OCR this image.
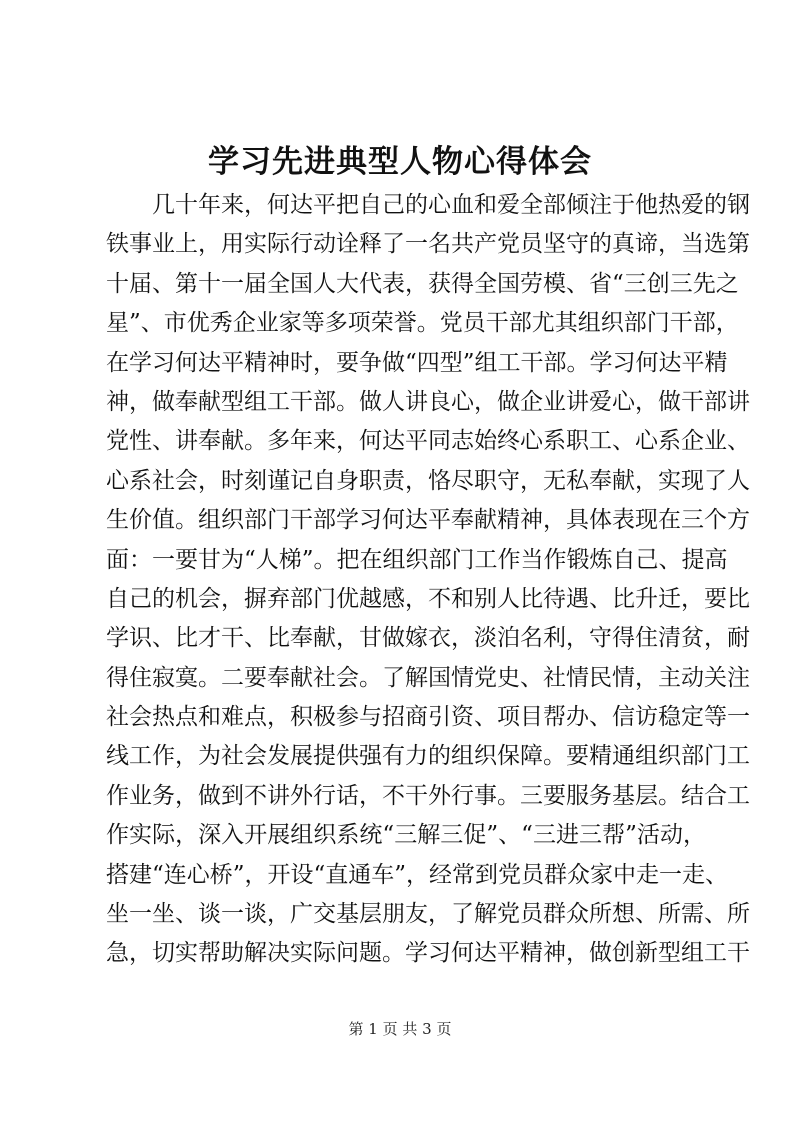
学习先进典型人物心得体会
几十年来，何达平把自己的心血和爱全部倾注于他热爱的钢
铁事业上，用实际行动诠释了一名共产党员坚守的真谛，当选第
十届、第十一届全国人大代表，获得全国劳模、省“三创三先之
星”、市优秀企业家等多项荣誉。党员干部尤其组织部门干部，
在学习何达平精神时，要争做“四型”组工干部。学习何达平精
神，做奉献型组工干部。做人讲良心，做企业讲爱心，做干部讲
党性、讲奉献。多年来，何达平同志始终心系职工、心系企业、
心系社会，时刻谨记自身职责，恪尽职守，无私奉献，实现了人
生价值。组织部门干部学习何达平奉献精神，具体表现在三个方
面：一要甘为“人梯”。把在组织部门工作当作锻炼自己、提高
自己的机会，摒弃部门优越感，不和别人比待遇、比升迁，要比
学识、比才干、比奉献，甘做嫁衣，淡泊名利，守得住清贫，耐
得住寂寞。二要奉献社会。了解国情党史、社情民情，主动关注
社会热点和难点，积极参与招商引资、项目帮办、信访稳定等一
线工作，为社会发展提供强有力的组织保障。要精通组织部门工
作业务，做到不讲外行话，不干外行事。三要服务基层。结合工
作实际，深入开展组织系统“三解三促”、“三进三帮”活动，
搭建“连心桥”，开设“直通车”，经常到党员群众家中走一走、
坐一坐、谈一谈，广交基层朋友，了解党员群众所想、所需、所
急，切实帮助解决实际问题。学习何达平精神，做创新型组工干
第 1 页 共 3 页
